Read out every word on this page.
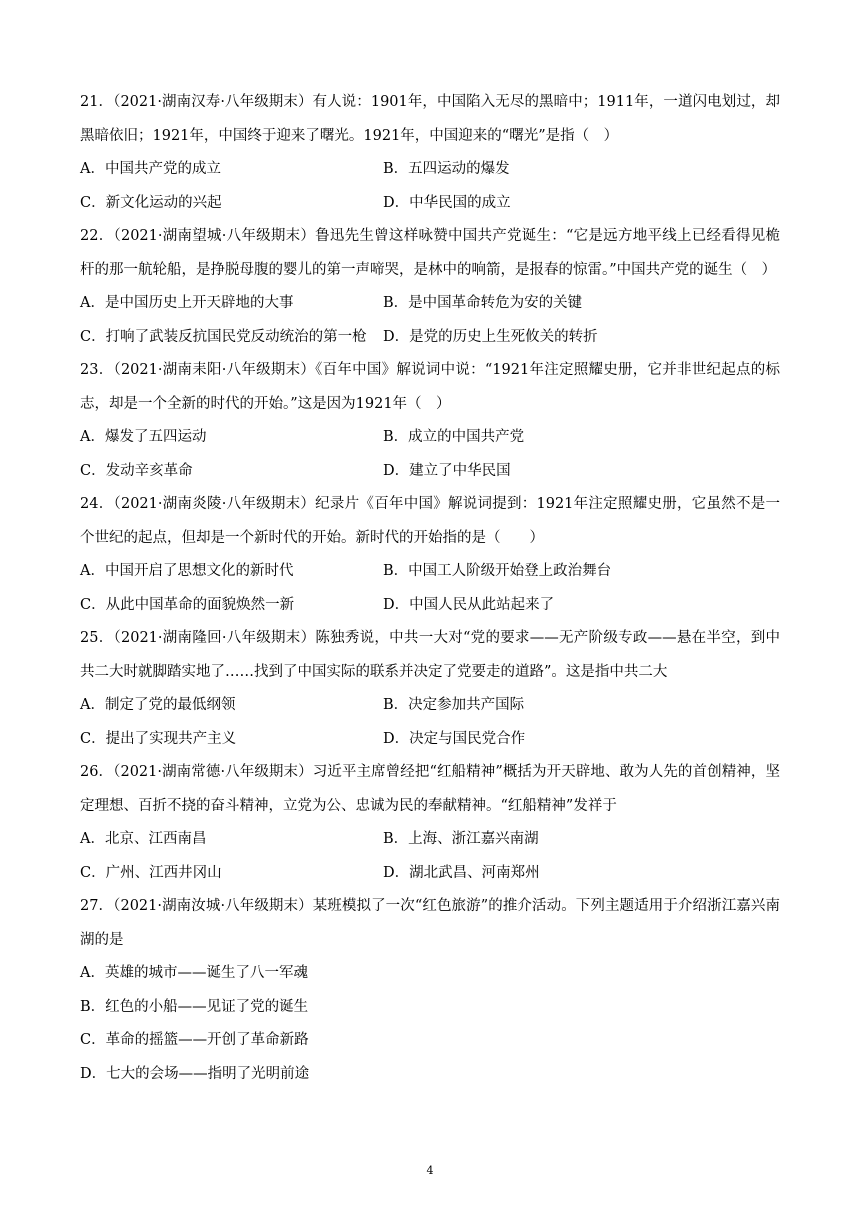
21．（2021·湖南汉寿·八年级期末）有人说：1901年，中国陷入无尽的黑暗中；1911年，一道闪电划过，却黑暗依旧；1921年，中国终于迎来了曙光。1921年，中国迎来的“曙光”是指（　）
A．中国共产党的成立	B．五四运动的爆发
C．新文化运动的兴起	D．中华民国的成立
22．（2021·湖南望城·八年级期末）鲁迅先生曾这样咏赞中国共产党诞生：“它是远方地平线上已经看得见桅杆的那一航轮船，是挣脱母腹的婴儿的第一声啼哭，是林中的响箭，是报春的惊雷。”中国共产党的诞生（　）
A．是中国历史上开天辟地的大事	B．是中国革命转危为安的关键
C．打响了武装反抗国民党反动统治的第一枪	D．是党的历史上生死攸关的转折
23．（2021·湖南耒阳·八年级期末）《百年中国》解说词中说：“1921年注定照耀史册，它并非世纪起点的标志，却是一个全新的时代的开始。”这是因为1921年（　）
A．爆发了五四运动	B．成立的中国共产党
C．发动辛亥革命	D．建立了中华民国
24．（2021·湖南炎陵·八年级期末）纪录片《百年中国》解说词提到：1921年注定照耀史册，它虽然不是一个世纪的起点，但却是一个新时代的开始。新时代的开始指的是（　　）
A．中国开启了思想文化的新时代	B．中国工人阶级开始登上政治舞台
C．从此中国革命的面貌焕然一新	D．中国人民从此站起来了
25．（2021·湖南隆回·八年级期末）陈独秀说，中共一大对“党的要求——无产阶级专政——悬在半空，到中共二大时就脚踏实地了……找到了中国实际的联系并决定了党要走的道路”。这是指中共二大
A．制定了党的最低纲领	B．决定参加共产国际
C．提出了实现共产主义	D．决定与国民党合作
26．（2021·湖南常德·八年级期末）习近平主席曾经把“红船精神”概括为开天辟地、敢为人先的首创精神，坚定理想、百折不挠的奋斗精神，立党为公、忠诚为民的奉献精神。“红船精神”发祥于
A．北京、江西南昌	B．上海、浙江嘉兴南湖
C．广州、江西井冈山	D．湖北武昌、河南郑州
27．（2021·湖南汝城·八年级期末）某班模拟了一次“红色旅游”的推介活动。下列主题适用于介绍浙江嘉兴南湖的是
A．英雄的城市——诞生了八一军魂
B．红色的小船——见证了党的诞生
C．革命的摇篮——开创了革命新路
D．七大的会场——指明了光明前途
4
